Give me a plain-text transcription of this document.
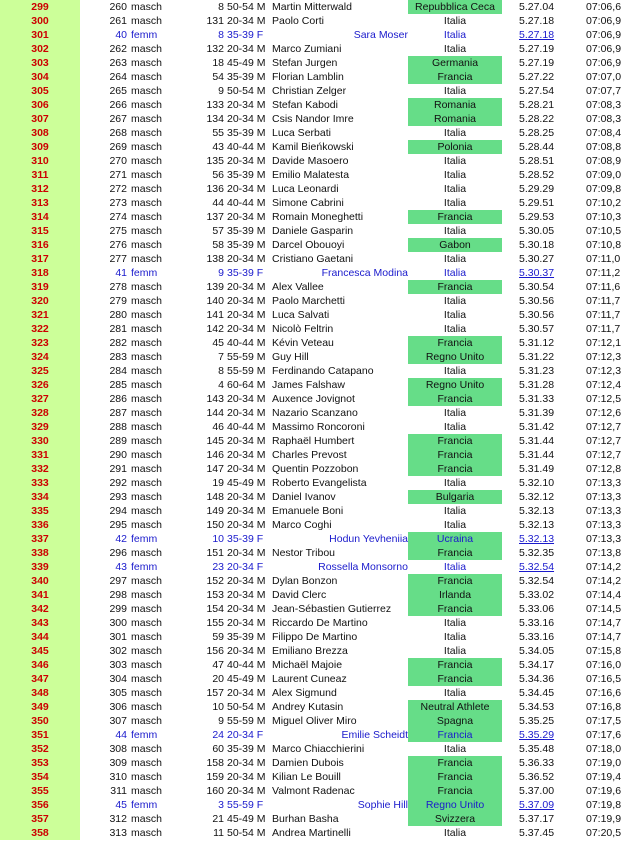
299	260 masch	8 50-54 M Martin Mitterwald	Repubblica Ceca	5.27.04	07:06,6
300	261 masch	131 20-34 M Paolo Corti	Italia	5.27.18	07:06,9
301	40 femm	8 35-39 F	Sara Moser	Italia	5.27.18	07:06,9
302	262 masch	132 20-34 M Marco Zumiani	Italia	5.27.19	07:06,9
303	263 masch	18 45-49 M Stefan Jurgen	Germania	5.27.19	07:06,9
304	264 masch	54 35-39 M Florian Lamblin	Francia	5.27.22	07:07,0
305	265 masch	9 50-54 M Christian Zelger	Italia	5.27.54	07:07,7
306	266 masch	133 20-34 M Stefan Kabodi	Romania	5.28.21	07:08,3
307	267 masch	134 20-34 M Csis Nandor Imre	Romania	5.28.22	07:08,3
308	268 masch	55 35-39 M Luca Serbati	Italia	5.28.25	07:08,4
309	269 masch	43 40-44 M Kamil Bieńkowski	Polonia	5.28.44	07:08,8
310	270 masch	135 20-34 M Davide Masoero	Italia	5.28.51	07:08,9
311	271 masch	56 35-39 M Emilio Malatesta	Italia	5.28.52	07:09,0
312	272 masch	136 20-34 M Luca Leonardi	Italia	5.29.29	07:09,8
313	273 masch	44 40-44 M Simone Cabrini	Italia	5.29.51	07:10,2
314	274 masch	137 20-34 M Romain Moneghetti	Francia	5.29.53	07:10,3
315	275 masch	57 35-39 M Daniele Gasparin	Italia	5.30.05	07:10,5
316	276 masch	58 35-39 M Darcel Obouoyi	Gabon	5.30.18	07:10,8
317	277 masch	138 20-34 M Cristiano Gaetani	Italia	5.30.27	07:11,0
318	41 femm	9 35-39 F	Francesca Modina	Italia	5.30.37	07:11,2
319	278 masch	139 20-34 M Alex Vallee	Francia	5.30.54	07:11,6
320	279 masch	140 20-34 M Paolo Marchetti	Italia	5.30.56	07:11,7
321	280 masch	141 20-34 M Luca Salvati	Italia	5.30.56	07:11,7
322	281 masch	142 20-34 M Nicolò Feltrin	Italia	5.30.57	07:11,7
323	282 masch	45 40-44 M Kévin Veteau	Francia	5.31.12	07:12,1
324	283 masch	7 55-59 M Guy Hill	Regno Unito	5.31.22	07:12,3
325	284 masch	8 55-59 M Ferdinando Catapano	Italia	5.31.23	07:12,3
326	285 masch	4 60-64 M James Falshaw	Regno Unito	5.31.28	07:12,4
327	286 masch	143 20-34 M Auxence Jovignot	Francia	5.31.33	07:12,5
328	287 masch	144 20-34 M Nazario Scanzano	Italia	5.31.39	07:12,6
329	288 masch	46 40-44 M Massimo Roncoroni	Italia	5.31.42	07:12,7
330	289 masch	145 20-34 M Raphaël Humbert	Francia	5.31.44	07:12,7
331	290 masch	146 20-34 M Charles Prevost	Francia	5.31.44	07:12,7
332	291 masch	147 20-34 M Quentin Pozzobon	Francia	5.31.49	07:12,8
333	292 masch	19 45-49 M Roberto Evangelista	Italia	5.32.10	07:13,3
334	293 masch	148 20-34 M Daniel Ivanov	Bulgaria	5.32.12	07:13,3
335	294 masch	149 20-34 M Emanuele Boni	Italia	5.32.13	07:13,3
336	295 masch	150 20-34 M Marco Coghi	Italia	5.32.13	07:13,3
337	42 femm	10 35-39 F	Hodun Yevheniia	Ucraina	5.32.13	07:13,3
338	296 masch	151 20-34 M Nestor Tribou	Francia	5.32.35	07:13,8
339	43 femm	23 20-34 F	Rossella Monsorno	Italia	5.32.54	07:14,2
340	297 masch	152 20-34 M Dylan Bonzon	Francia	5.32.54	07:14,2
341	298 masch	153 20-34 M David Clerc	Irlanda	5.33.02	07:14,4
342	299 masch	154 20-34 M Jean-Sébastien Gutierrez	Francia	5.33.06	07:14,5
343	300 masch	155 20-34 M Riccardo De Martino	Italia	5.33.16	07:14,7
344	301 masch	59 35-39 M Filippo De Martino	Italia	5.33.16	07:14,7
345	302 masch	156 20-34 M Emiliano Brezza	Italia	5.34.05	07:15,8
346	303 masch	47 40-44 M Michaël Majoie	Francia	5.34.17	07:16,0
347	304 masch	20 45-49 M Laurent Cuneaz	Francia	5.34.36	07:16,5
348	305 masch	157 20-34 M Alex Sigmund	Italia	5.34.45	07:16,6
349	306 masch	10 50-54 M Andrey Kutasin	Neutral Athlete	5.34.53	07:16,8
350	307 masch	9 55-59 M Miguel Oliver Miro	Spagna	5.35.25	07:17,5
351	44 femm	24 20-34 F	Emilie Scheidt	Francia	5.35.29	07:17,6
352	308 masch	60 35-39 M Marco Chiacchierini	Italia	5.35.48	07:18,0
353	309 masch	158 20-34 M Damien Dubois	Francia	5.36.33	07:19,0
354	310 masch	159 20-34 M Kilian Le Bouill	Francia	5.36.52	07:19,4
355	311 masch	160 20-34 M Valmont Radenac	Francia	5.37.00	07:19,6
356	45 femm	3 55-59 F	Sophie Hill	Regno Unito	5.37.09	07:19,8
357	312 masch	21 45-49 M Burhan Basha	Svizzera	5.37.17	07:19,9
358	313 masch	11 50-54 M Andrea Martinelli	Italia	5.37.45	07:20,5
